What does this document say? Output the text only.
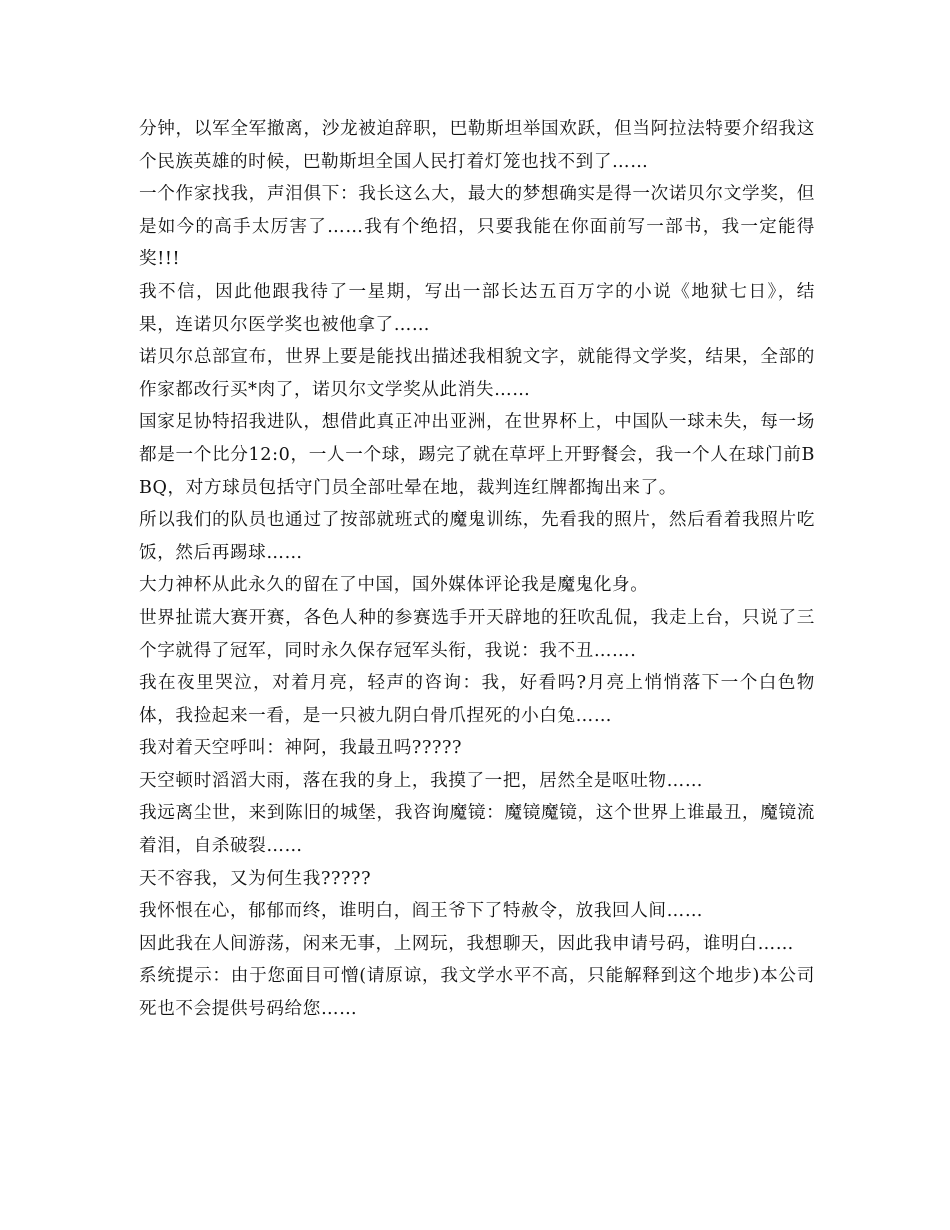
分钟，以军全军撤离，沙龙被迫辞职，巴勒斯坦举国欢跃，但当阿拉法特要介绍我这个民族英雄的时候，巴勒斯坦全国人民打着灯笼也找不到了……

一个作家找我，声泪俱下：我长这么大，最大的梦想确实是得一次诺贝尔文学奖，但是如今的高手太厉害了……我有个绝招，只要我能在你面前写一部书，我一定能得奖!!!

我不信，因此他跟我待了一星期，写出一部长达五百万字的小说《地狱七日》，结果，连诺贝尔医学奖也被他拿了……

诺贝尔总部宣布，世界上要是能找出描述我相貌文字，就能得文学奖，结果，全部的作家都改行买*肉了，诺贝尔文学奖从此消失……

国家足协特招我进队，想借此真正冲出亚洲，在世界杯上，中国队一球未失，每一场都是一个比分12:0，一人一个球，踢完了就在草坪上开野餐会，我一个人在球门前BBQ，对方球员包括守门员全部吐晕在地，裁判连红牌都掏出来了。

所以我们的队员也通过了按部就班式的魔鬼训练，先看我的照片，然后看着我照片吃饭，然后再踢球……

大力神杯从此永久的留在了中国，国外媒体评论我是魔鬼化身。

世界扯谎大赛开赛，各色人种的参赛选手开天辟地的狂吹乱侃，我走上台，只说了三个字就得了冠军，同时永久保存冠军头衔，我说：我不丑…….

我在夜里哭泣，对着月亮，轻声的咨询：我，好看吗?月亮上悄悄落下一个白色物体，我捡起来一看，是一只被九阴白骨爪捏死的小白兔……

我对着天空呼叫：神阿，我最丑吗?????

天空顿时滔滔大雨，落在我的身上，我摸了一把，居然全是呕吐物……

我远离尘世，来到陈旧的城堡，我咨询魔镜：魔镜魔镜，这个世界上谁最丑，魔镜流着泪，自杀破裂……

天不容我，又为何生我?????

我怀恨在心，郁郁而终，谁明白，阎王爷下了特赦令，放我回人间……

因此我在人间游荡，闲来无事，上网玩，我想聊天，因此我申请号码，谁明白……

系统提示：由于您面目可憎(请原谅，我文学水平不高，只能解释到这个地步)本公司死也不会提供号码给您……
